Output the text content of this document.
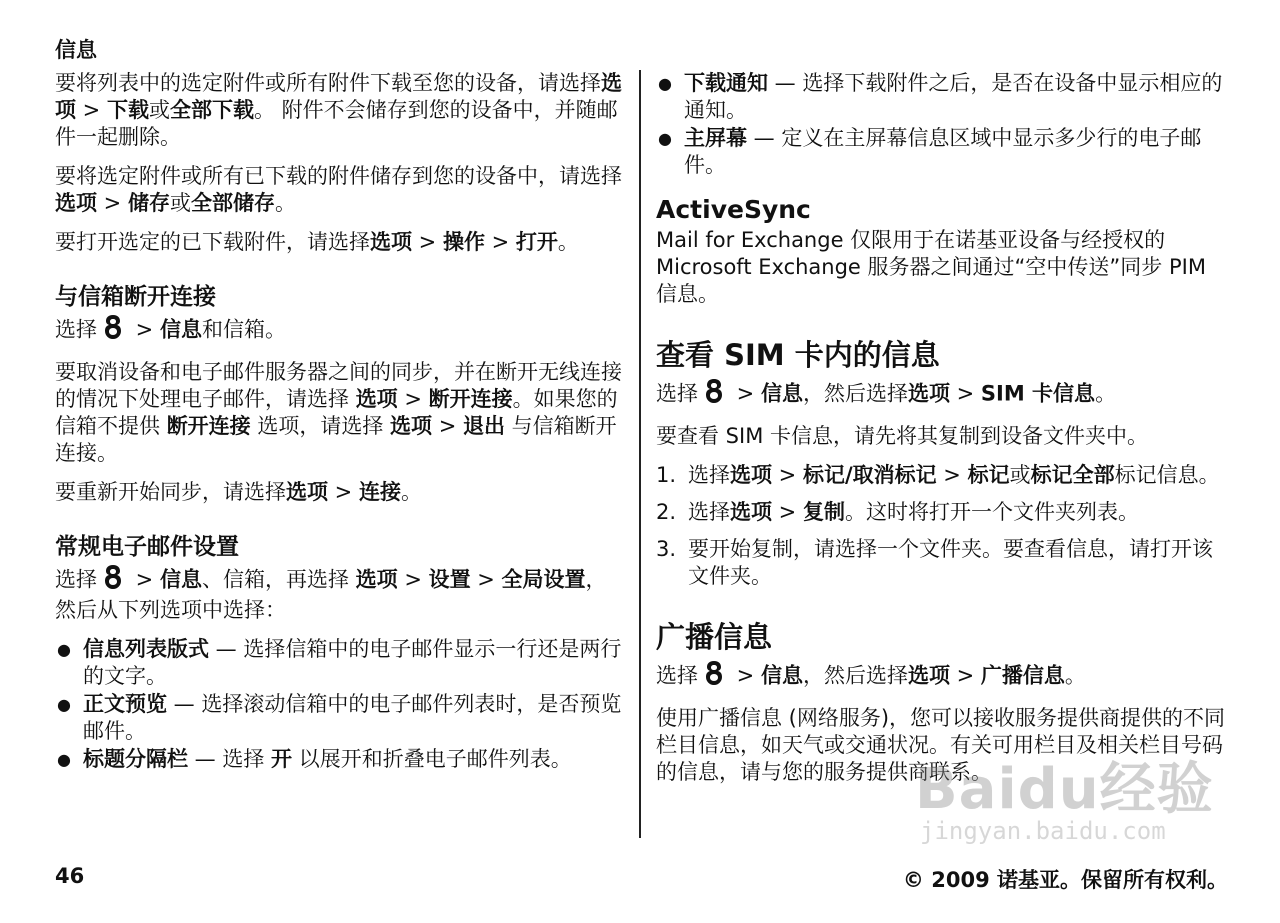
信息

要将列表中的选定附件或所有附件下载至您的设备，请选择选项 > 下载或全部下载。 附件不会储存到您的设备中，并随邮件一起删除。

要将选定附件或所有已下载的附件储存到您的设备中，请选择选项 > 储存或全部储存。

要打开选定的已下载附件，请选择选项 > 操作 > 打开。

与信箱断开连接

选择 > 信息和信箱。

要取消设备和电子邮件服务器之间的同步，并在断开无线连接的情况下处理电子邮件，请选择 选项 > 断开连接。如果您的信箱不提供 断开连接 选项，请选择 选项 > 退出 与信箱断开连接。

要重新开始同步，请选择选项 > 连接。

常规电子邮件设置

选择 > 信息、信箱，再选择 选项 > 设置 > 全局设置，然后从下列选项中选择：

● 信息列表版式 — 选择信箱中的电子邮件显示一行还是两行的文字。
● 正文预览 — 选择滚动信箱中的电子邮件列表时，是否预览邮件。
● 标题分隔栏 — 选择 开 以展开和折叠电子邮件列表。
● 下载通知 — 选择下载附件之后，是否在设备中显示相应的通知。
● 主屏幕 — 定义在主屏幕信息区域中显示多少行的电子邮件。
ActiveSync

Mail for Exchange 仅限用于在诺基亚设备与经授权的 Microsoft Exchange 服务器之间通过“空中传送”同步 PIM 信息。

查看 SIM 卡内的信息

选择 > 信息，然后选择选项 > SIM 卡信息。

要查看 SIM 卡信息，请先将其复制到设备文件夹中。

1. 选择选项 > 标记/取消标记 > 标记或标记全部标记信息。
2. 选择选项 > 复制。这时将打开一个文件夹列表。
3. 要开始复制，请选择一个文件夹。要查看信息，请打开该文件夹。
广播信息

选择 > 信息，然后选择选项 > 广播信息。

使用广播信息 (网络服务)，您可以接收服务提供商提供的不同栏目信息，如天气或交通状况。有关可用栏目及相关栏目号码的信息，请与您的服务提供商联系。

Baidu经验
jingyan.baidu.com
46	© 2009 诺基亚。保留所有权利。
